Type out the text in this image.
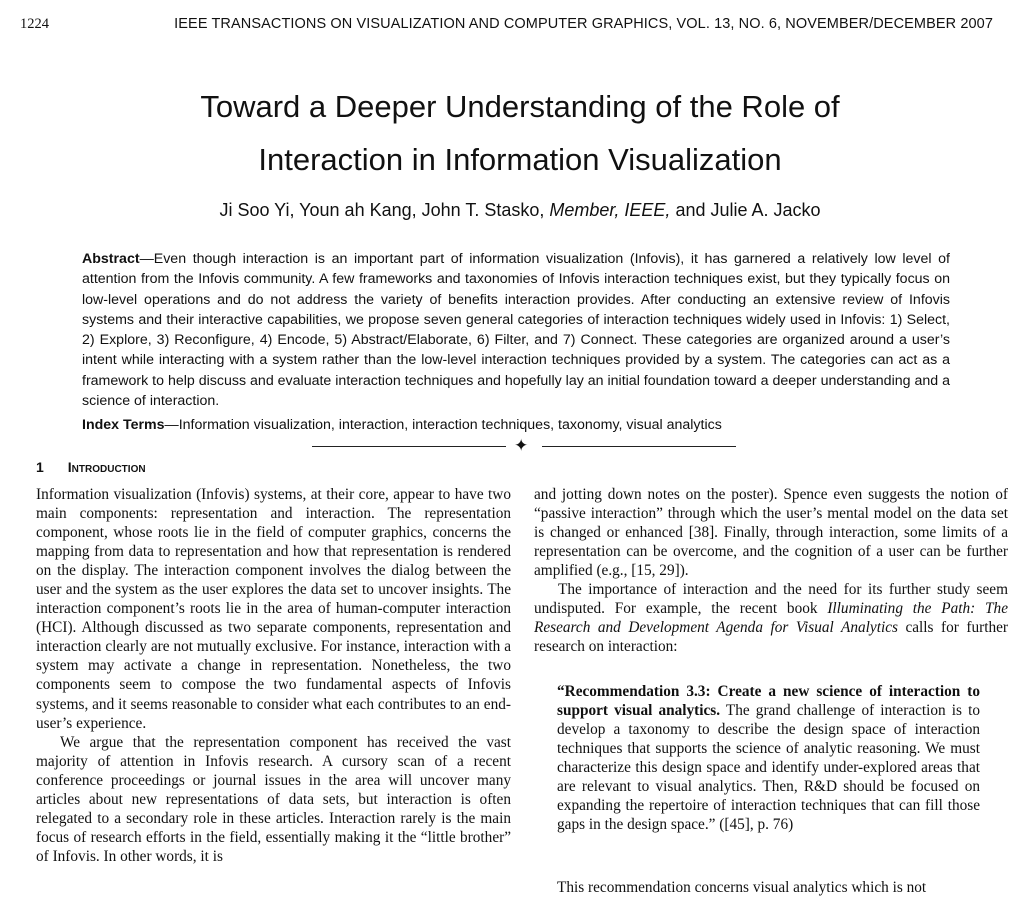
1224	IEEE TRANSACTIONS ON VISUALIZATION AND COMPUTER GRAPHICS, VOL. 13, NO. 6, NOVEMBER/DECEMBER 2007
Toward a Deeper Understanding of the Role of
Interaction in Information Visualization
Ji Soo Yi, Youn ah Kang, John T. Stasko, Member, IEEE, and Julie A. Jacko
Abstract—Even though interaction is an important part of information visualization (Infovis), it has garnered a relatively low level of attention from the Infovis community. A few frameworks and taxonomies of Infovis interaction techniques exist, but they typically focus on low-level operations and do not address the variety of benefits interaction provides. After conducting an extensive review of Infovis systems and their interactive capabilities, we propose seven general categories of interaction techniques widely used in Infovis: 1) Select, 2) Explore, 3) Reconfigure, 4) Encode, 5) Abstract/Elaborate, 6) Filter, and 7) Connect. These categories are organized around a user’s intent while interacting with a system rather than the low-level interaction techniques provided by a system. The categories can act as a framework to help discuss and evaluate interaction techniques and hopefully lay an initial foundation toward a deeper understanding and a science of interaction.
Index Terms—Information visualization, interaction, interaction techniques, taxonomy, visual analytics
✦
1 Introduction

Information visualization (Infovis) systems, at their core, appear to have two main components: representation and interaction. The representation component, whose roots lie in the field of computer graphics, concerns the mapping from data to representation and how that representation is rendered on the display. The interaction component involves the dialog between the user and the system as the user explores the data set to uncover insights. The interaction component’s roots lie in the area of human-computer interaction (HCI). Although discussed as two separate components, representation and interaction clearly are not mutually exclusive. For instance, interaction with a system may activate a change in representation. Nonetheless, the two components seem to compose the two fundamental aspects of Infovis systems, and it seems reasonable to consider what each contributes to an end-user’s experience.

We argue that the representation component has received the vast majority of attention in Infovis research. A cursory scan of a recent conference proceedings or journal issues in the area will uncover many articles about new representations of data sets, but interaction is often relegated to a secondary role in these articles. Interaction rarely is the main focus of research efforts in the field, essentially making it the “little brother” of Infovis. In other words, it is

and jotting down notes on the poster). Spence even suggests the notion of “passive interaction” through which the user’s mental model on the data set is changed or enhanced [38]. Finally, through interaction, some limits of a representation can be overcome, and the cognition of a user can be further amplified (e.g., [15, 29]).

The importance of interaction and the need for its further study seem undisputed. For example, the recent book Illuminating the Path: The Research and Development Agenda for Visual Analytics calls for further research on interaction:

“Recommendation 3.3: Create a new science of interaction to support visual analytics. The grand challenge of interaction is to develop a taxonomy to describe the design space of interaction techniques that supports the science of analytic reasoning. We must characterize this design space and identify under-explored areas that are relevant to visual analytics. Then, R&D should be focused on expanding the repertoire of interaction techniques that can fill those gaps in the design space.” ([45], p. 76)
This recommendation concerns visual analytics which is not
